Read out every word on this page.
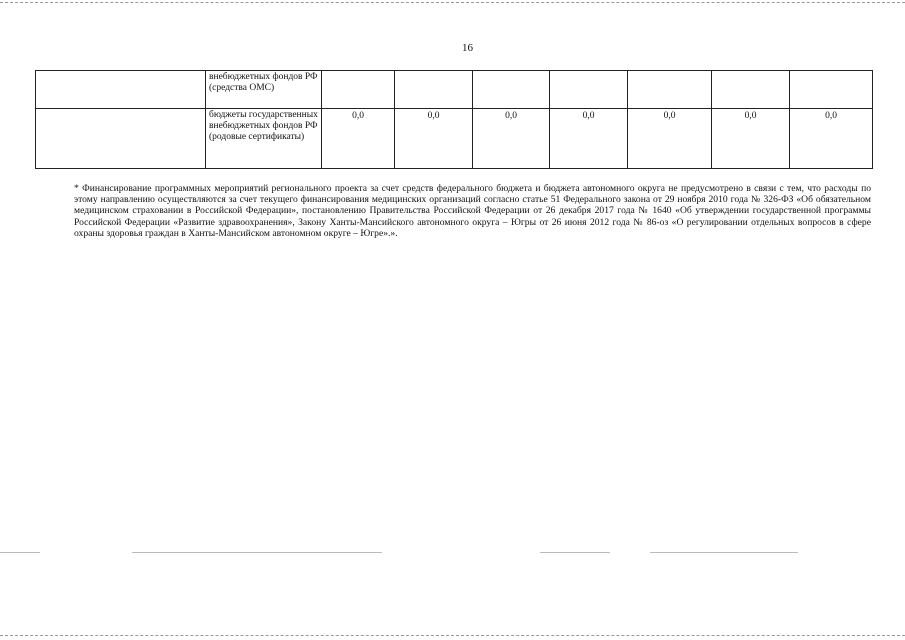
16
	внебюджетных фондов РФ (средства ОМС)							
	бюджеты государственных внебюджетных фондов РФ (родовые сертификаты)	0,0	0,0	0,0	0,0	0,0	0,0	0,0

* Финансирование программных мероприятий регионального проекта за счет средств федерального бюджета и бюджета автономного округа не предусмотрено в связи с тем, что расходы по этому направлению осуществляются за счет текущего финансирования медицинских организаций согласно статье 51 Федерального закона от 29 ноября 2010 года № 326-ФЗ «Об обязательном медицинском страховании в Российской Федерации», постановлению Правительства Российской Федерации от 26 декабря 2017 года № 1640 «Об утверждении государственной программы Российской Федерации «Развитие здравоохранения», Закону Ханты-Мансийского автономного округа – Югры от 26 июня 2012 года № 86-оз «О регулировании отдельных вопросов в сфере охраны здоровья граждан в Ханты-Мансийском автономном округе – Югре».».
